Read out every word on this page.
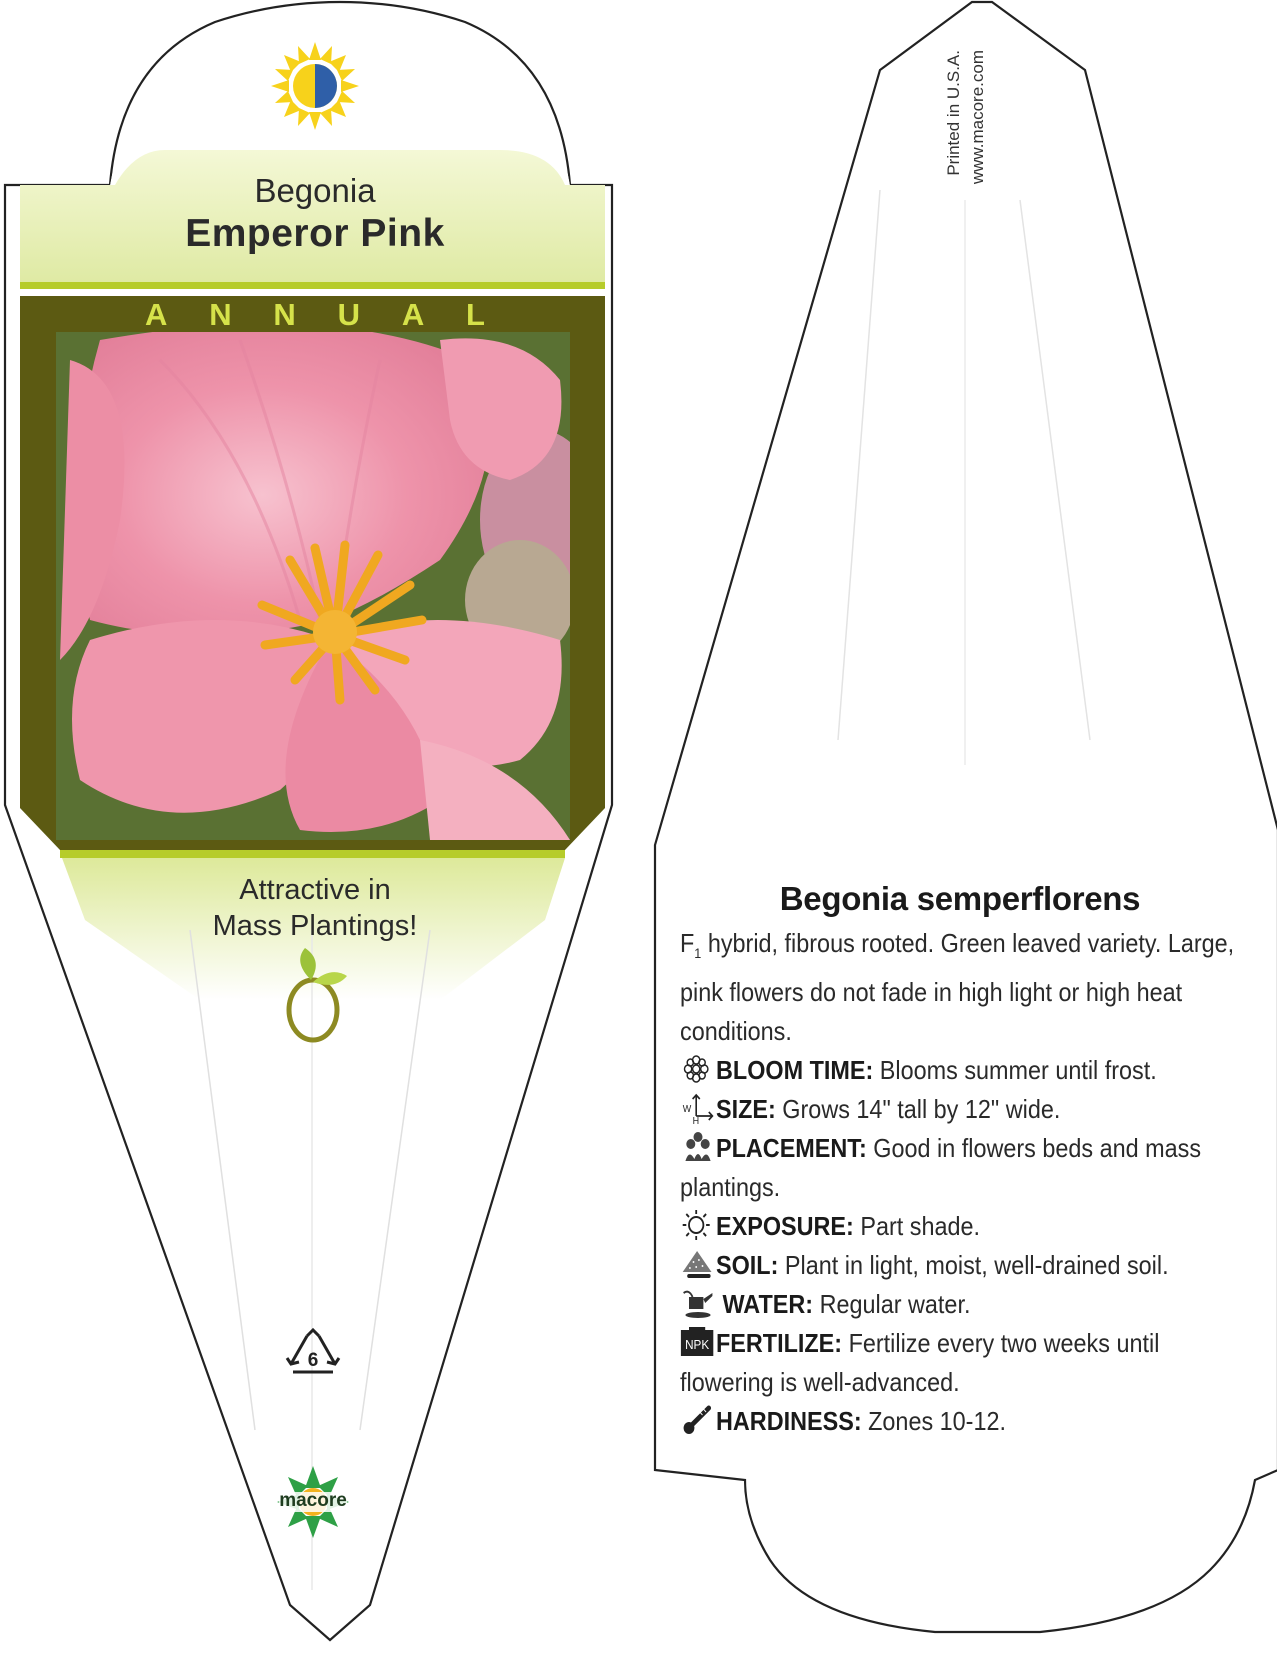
Begonia
Emperor Pink
A N N U A L
Attractive in
Mass Plantings!
6
macore
Printed in U.S.A. www.macore.com
Begonia semperflorens
$F_1$ hybrid, fibrous rooted. Green leaved variety. Large, pink flowers do not fade in high light or high heat conditions.
BLOOM TIME: Blooms summer until frost.
W
H SIZE: Grows 14" tall by 12" wide.
PLACEMENT: Good in flowers beds and mass plantings.
EXPOSURE: Part shade.
SOIL: Plant in light, moist, well-drained soil.
WATER: Regular water.
NPK FERTILIZE: Fertilize every two weeks until flowering is well-advanced.
HARDINESS: Zones 10-12.
